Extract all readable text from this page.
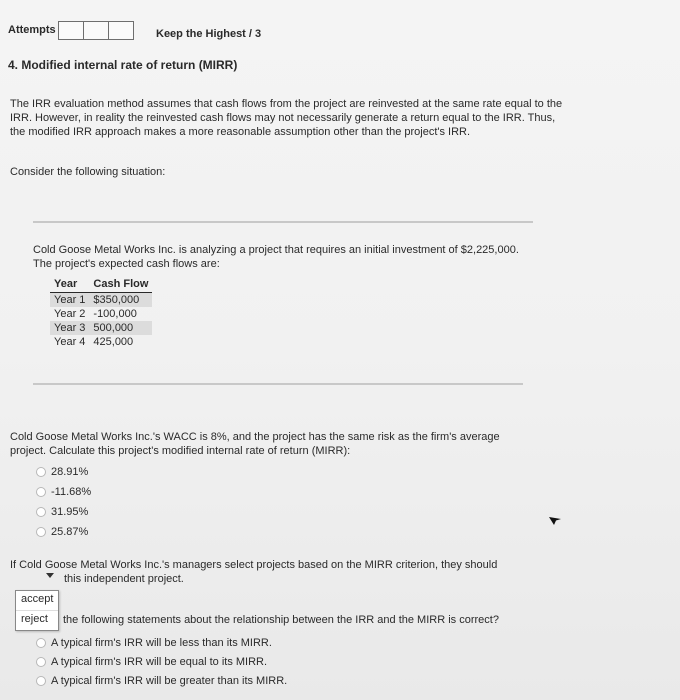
Attempts	Keep the Highest / 3
4. Modified internal rate of return (MIRR)
The IRR evaluation method assumes that cash flows from the project are reinvested at the same rate equal to the IRR. However, in reality the reinvested cash flows may not necessarily generate a return equal to the IRR. Thus, the modified IRR approach makes a more reasonable assumption other than the project's IRR.
Consider the following situation:
Cold Goose Metal Works Inc. is analyzing a project that requires an initial investment of $2,225,000. The project's expected cash flows are:
Year	Cash Flow
Year 1	$350,000
Year 2	-100,000
Year 3	500,000
Year 4	425,000
Cold Goose Metal Works Inc.'s WACC is 8%, and the project has the same risk as the firm's average project. Calculate this project's modified internal rate of return (MIRR):
28.91%
-11.68%
31.95%
25.87%
If Cold Goose Metal Works Inc.'s managers select projects based on the MIRR criterion, they should
this independent project.
accept
reject	the following statements about the relationship between the IRR and the MIRR is correct?
A typical firm's IRR will be less than its MIRR.
A typical firm's IRR will be equal to its MIRR.
A typical firm's IRR will be greater than its MIRR.
